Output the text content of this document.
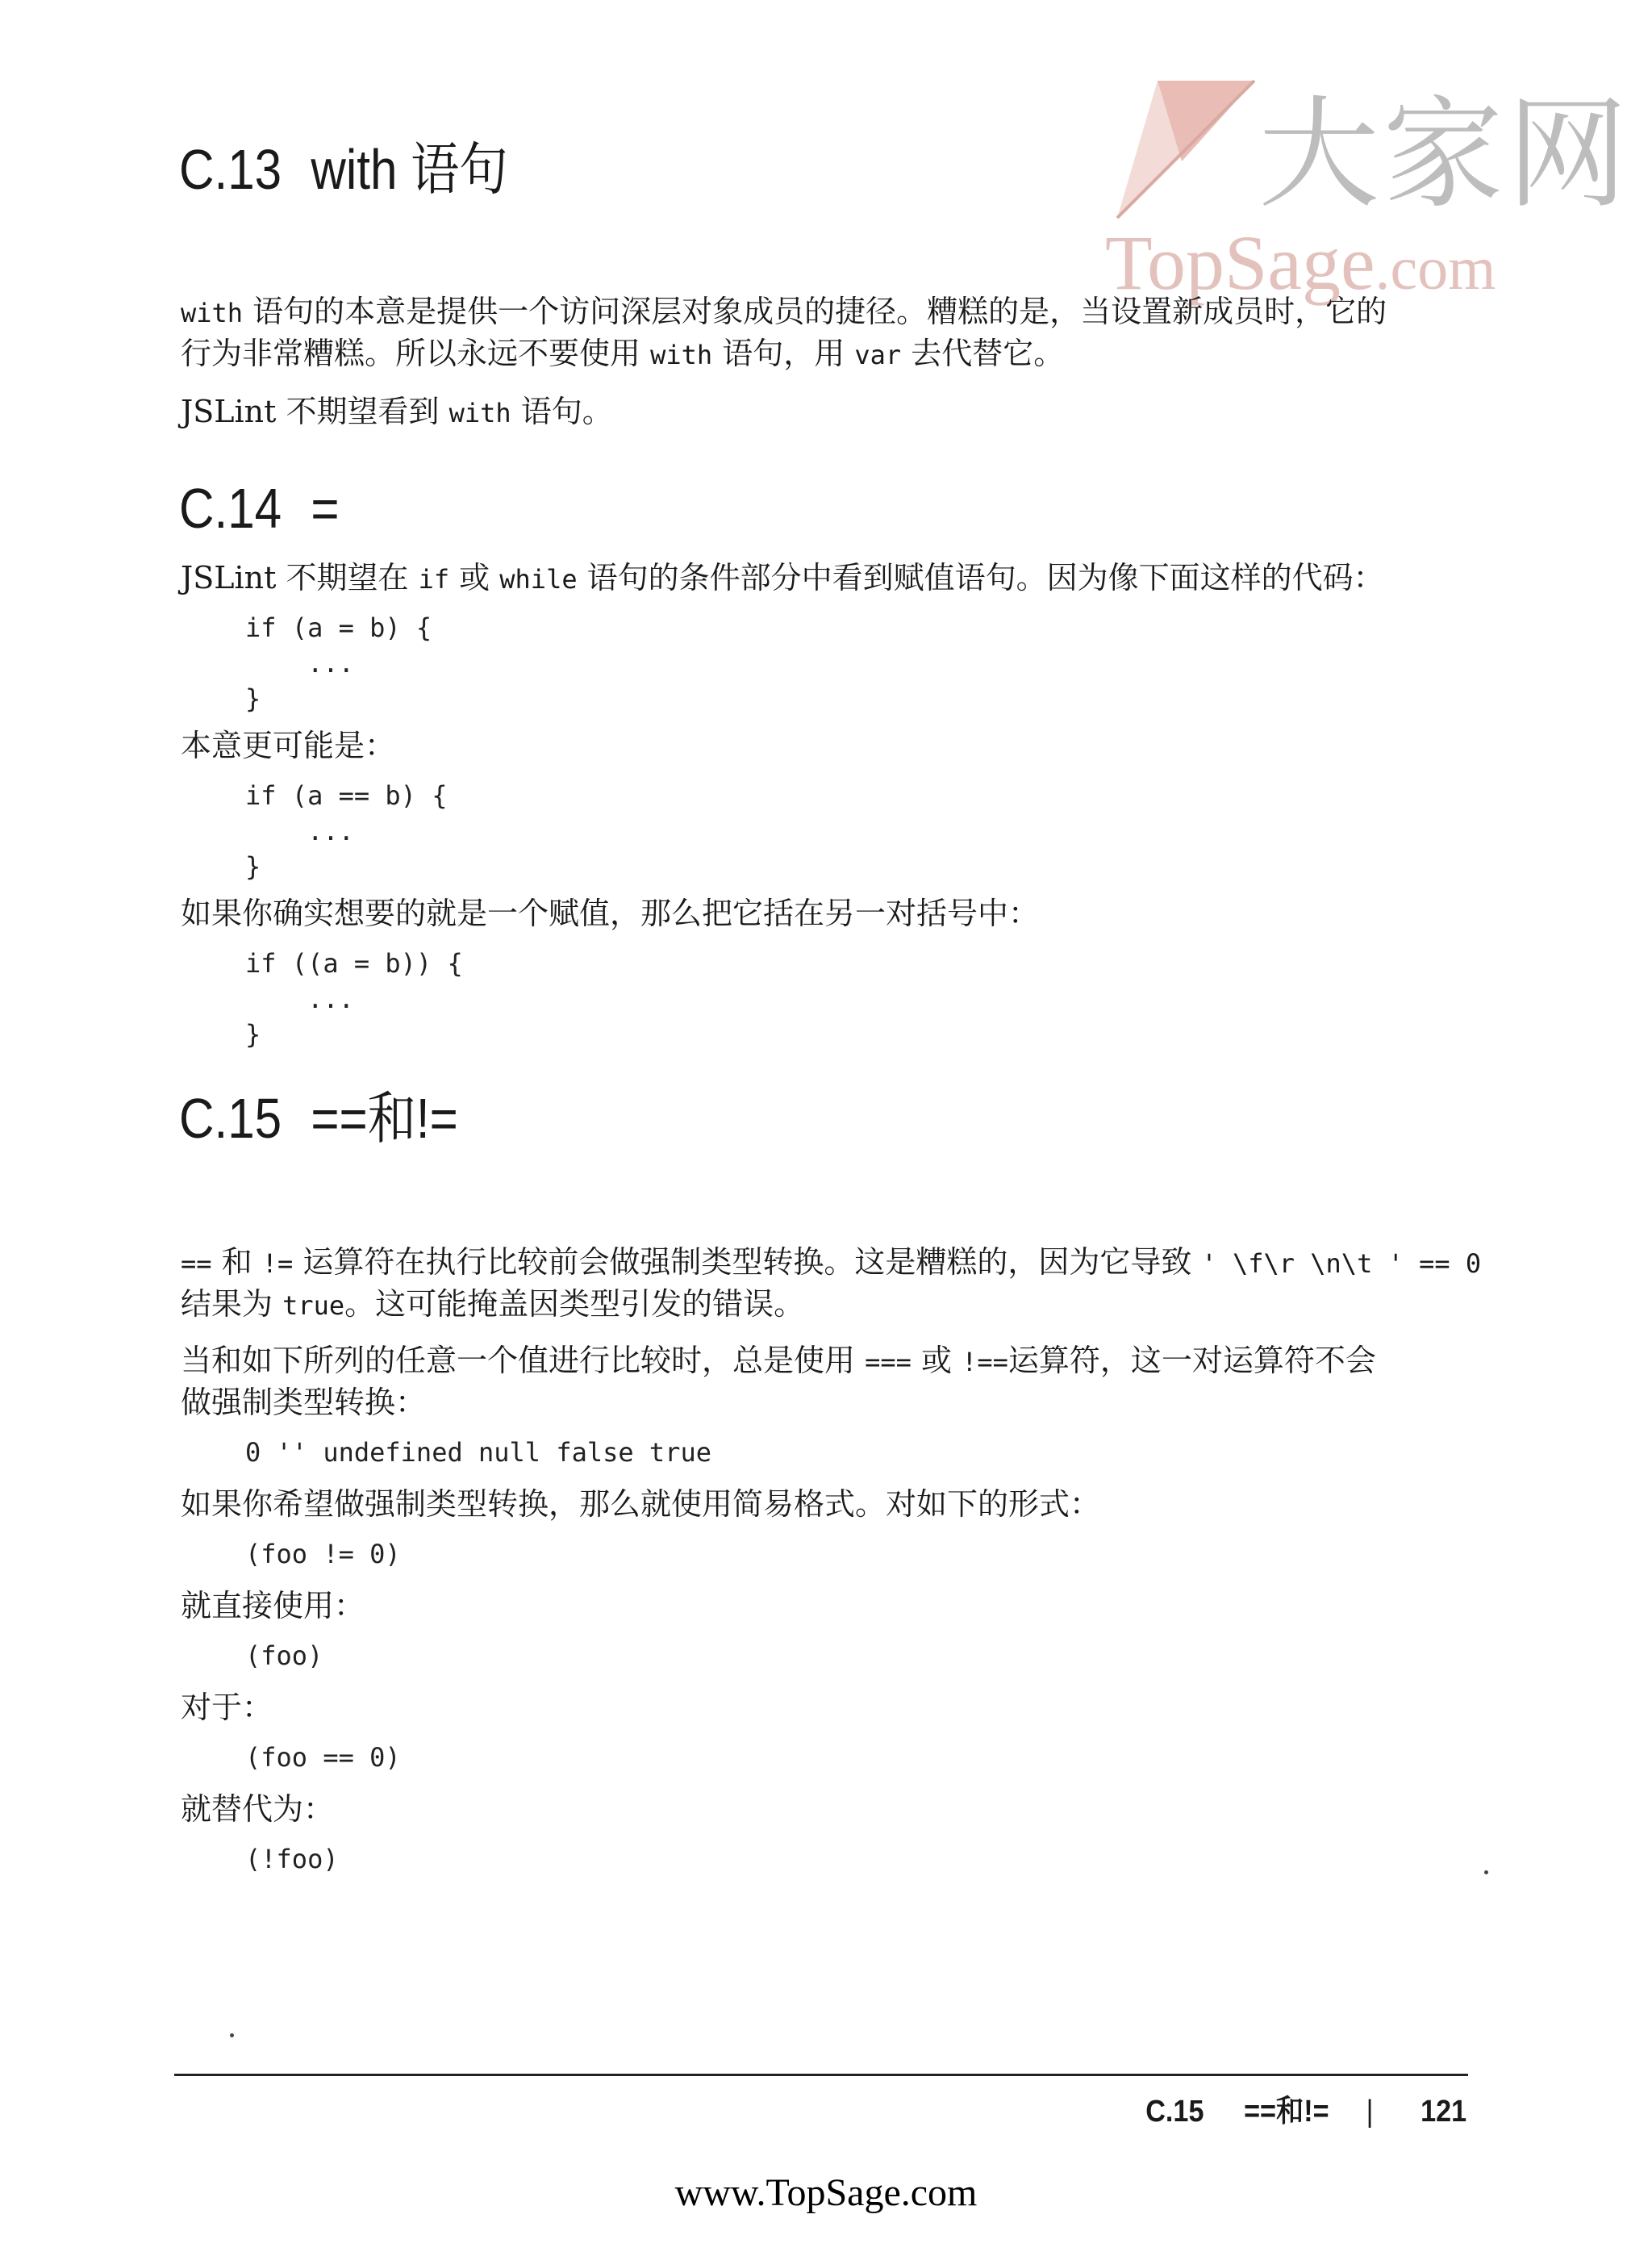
大家网
TopSage.com
C.13 with 语句
with 语句的本意是提供一个访问深层对象成员的捷径。糟糕的是，当设置新成员时，它的
行为非常糟糕。所以永远不要使用 with 语句，用 var 去代替它。
JSLint 不期望看到 with 语句。
C.14 =
JSLint 不期望在 if 或 while 语句的条件部分中看到赋值语句。因为像下面这样的代码：
if (a = b) {
...
}
本意更可能是：
if (a == b) {
...
}
如果你确实想要的就是一个赋值，那么把它括在另一对括号中：
if ((a = b)) {
...
}
C.15 ==和!=
== 和 != 运算符在执行比较前会做强制类型转换。这是糟糕的，因为它导致 ' \f\r \n\t ' == 0
结果为 true。这可能掩盖因类型引发的错误。
当和如下所列的任意一个值进行比较时，总是使用 === 或 !==运算符，这一对运算符不会
做强制类型转换：
0 '' undefined null false true
如果你希望做强制类型转换，那么就使用简易格式。对如下的形式：
(foo != 0)
就直接使用：
(foo)
对于：
(foo == 0)
就替代为：
(!foo)
C.15 ==和!= | 121
www.TopSage.com
